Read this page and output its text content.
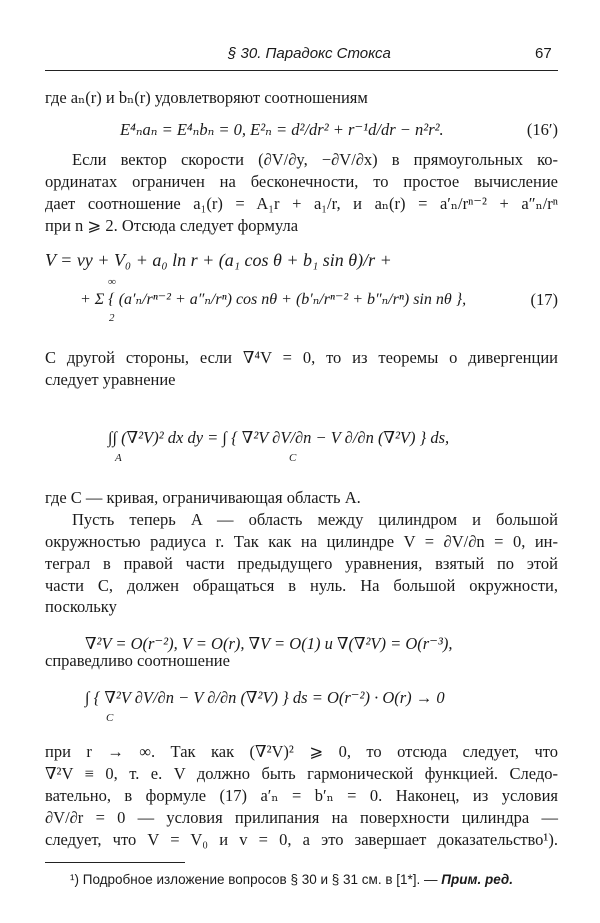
§ 30. Парадокс Стокса	67
где aₙ(r) и bₙ(r) удовлетворяют соотношениям
E⁴ₙaₙ = E⁴ₙbₙ = 0, E²ₙ = d²/dr² + r⁻¹d/dr − n²r².	(16′)
Если вектор скорости (∂V/∂y, −∂V/∂x) в прямоугольных ко-
ординатах ограничен на бесконечности, то простое вычисление
дает соотношение a₁(r) = A₁r + a₁/r, и aₙ(r) = a′ₙ/rⁿ⁻² + a″ₙ/rⁿ
при n ⩾ 2. Отсюда следует формула
V = vy + V₀ + a₀ ln r + (a₁ cos θ + b₁ sin θ)/r +
∞
+ Σ { (a′ₙ/rⁿ⁻² + a″ₙ/rⁿ) cos nθ + (b′ₙ/rⁿ⁻² + b″ₙ/rⁿ) sin nθ },
2
(17)
С другой стороны, если ∇⁴V = 0, то из теоремы о дивергенции
следует уравнение
∫∫ (∇²V)² dx dy = ∫ { ∇²V ∂V/∂n − V ∂/∂n (∇²V) } ds,
A	C
где C — кривая, ограничивающая область A.
Пусть теперь A — область между цилиндром и большой
окружностью радиуса r. Так как на цилиндре V = ∂V/∂n = 0, ин-
теграл в правой части предыдущего уравнения, взятый по этой
части C, должен обращаться в нуль. На большой окружности,
поскольку
∇²V = O(r⁻²), V = O(r), ∇V = O(1) и ∇(∇²V) = O(r⁻³),
справедливо соотношение
∫ { ∇²V ∂V/∂n − V ∂/∂n (∇²V) } ds = O(r⁻²) · O(r) → 0
C
при r → ∞. Так как (∇²V)² ⩾ 0, то отсюда следует, что
∇²V ≡ 0, т. е. V должно быть гармонической функцией. Следо-
вательно, в формуле (17) a′ₙ = b′ₙ = 0. Наконец, из условия
∂V/∂r = 0 — условия прилипания на поверхности цилиндра —
следует, что V = V₀ и v = 0, а это завершает доказательство¹).
¹) Подробное изложение вопросов § 30 и § 31 см. в [1*]. — Прим. ред.
